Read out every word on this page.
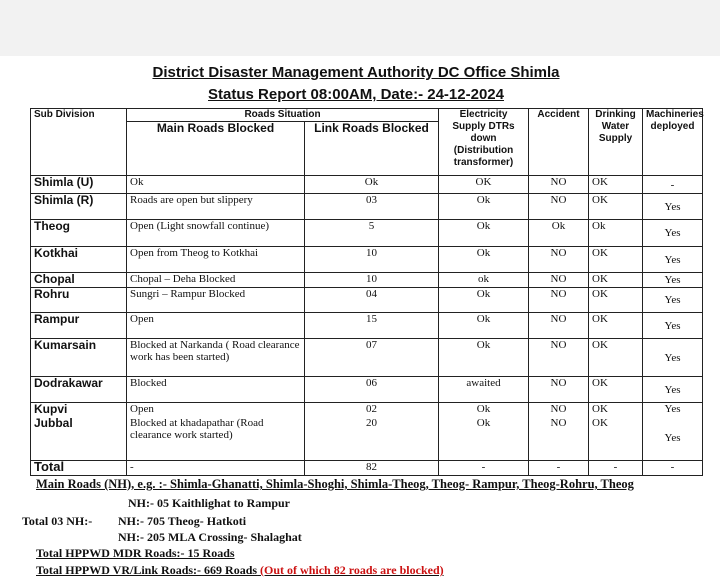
District Disaster Management Authority DC Office Shimla
Status Report 08:00AM, Date:- 24-12-2024
Sub Division	Roads Situation		Electricity Supply DTRs down (Distribution transformer)	Accident	Drinking Water Supply	Machineries deployed
	Main Roads Blocked	Link Roads Blocked				
Shimla (U)	Ok	Ok	OK	NO	OK	-
Shimla (R)	Roads are open but slippery	03	Ok	NO	OK	Yes
Theog	Open (Light snowfall continue)	5	Ok	Ok	Ok	Yes
Kotkhai	Open from Theog to Kotkhai	10	Ok	NO	OK	Yes
Chopal	Chopal – Deha Blocked	10	ok	NO	OK	Yes
Rohru	Sungri – Rampur Blocked	04	Ok	NO	OK	Yes
Rampur	Open	15	Ok	NO	OK	Yes
Kumarsain	Blocked at Narkanda ( Road clearance work has been started)	07	Ok	NO	OK	Yes
Dodrakawar	Blocked	06	awaited	NO	OK	Yes
Kupvi	Open	02	Ok	NO	OK	Yes
Jubbal	Blocked at khadapathar (Road clearance work started)	20	Ok	NO	OK	Yes
Total	-	82	-	-	-	-
Main Roads (NH), e.g. :- Shimla-Ghanatti, Shimla-Shoghi, Shimla-Theog, Theog- Rampur, Theog-Rohru, Theog
NH:- 05 Kaithlighat to Rampur
Total 03 NH:- NH:- 705 Theog- Hatkoti
NH:- 205 MLA Crossing- Shalaghat
Total HPPWD MDR Roads:- 15 Roads
Total HPPWD VR/Link Roads:- 669 Roads (Out of which 82 roads are blocked)
